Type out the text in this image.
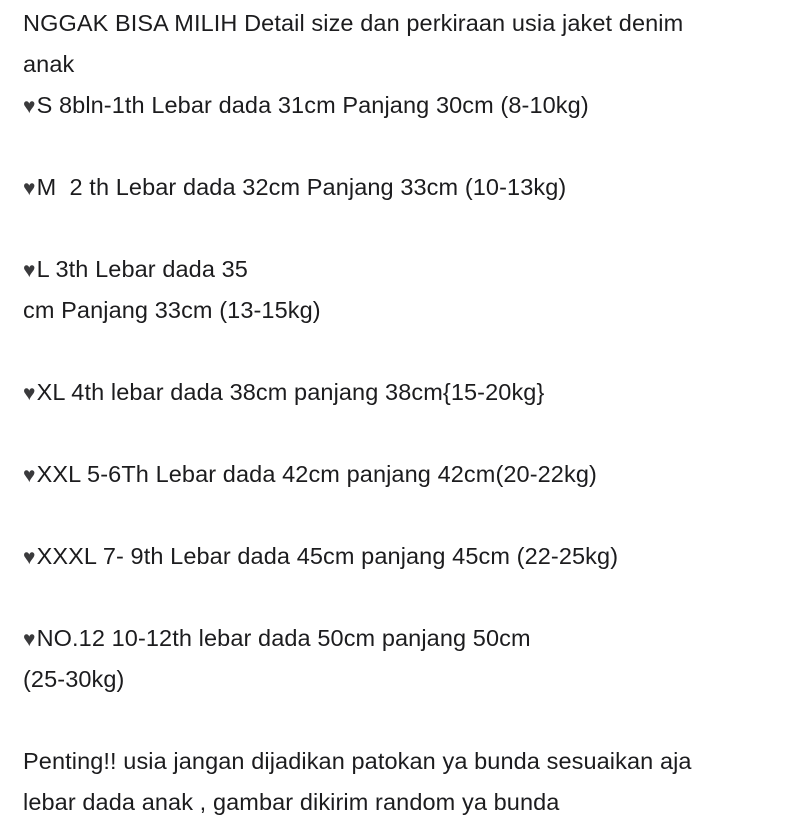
NGGAK BISA MILIH Detail size dan perkiraan usia jaket denim
anak
♥S 8bln-1th Lebar dada 31cm Panjang 30cm (8-10kg)
♥M  2 th Lebar dada 32cm Panjang 33cm (10-13kg)
♥L 3th Lebar dada 35
cm Panjang 33cm (13-15kg)
♥XL 4th lebar dada 38cm panjang 38cm{15-20kg}
♥XXL 5-6Th Lebar dada 42cm panjang 42cm(20-22kg)
♥XXXL 7- 9th Lebar dada 45cm panjang 45cm (22-25kg)
♥NO.12 10-12th lebar dada 50cm panjang 50cm
(25-30kg)
Penting!! usia jangan dijadikan patokan ya bunda sesuaikan aja
lebar dada anak , gambar dikirim random ya bunda
